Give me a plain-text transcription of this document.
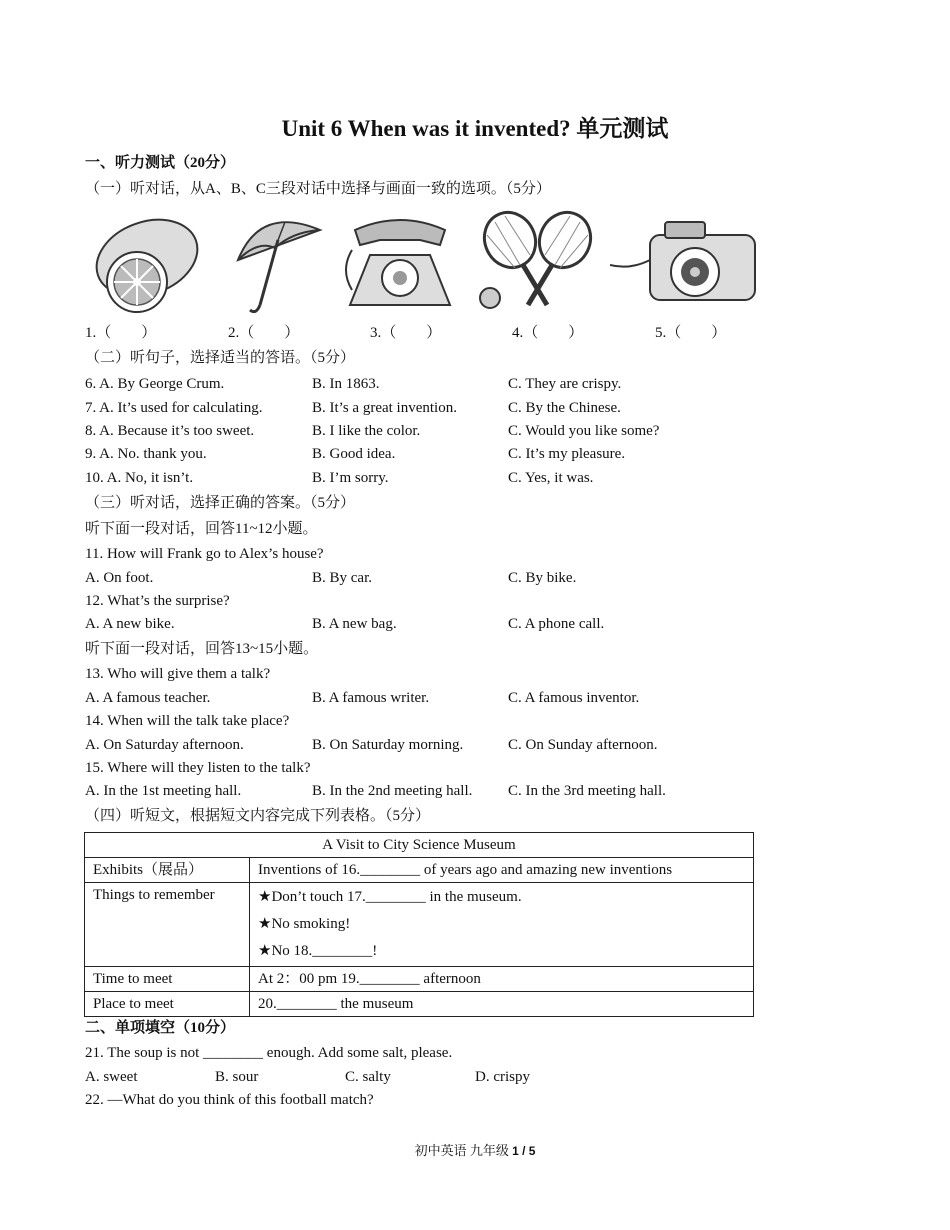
Unit 6 When was it invented? 单元测试
一、听力测试（20分）
（一）听对话，从A、B、C三段对话中选择与画面一致的选项。（5分）
1.（　　）	2.（　　）	3.（　　）	4.（　　）	5.（　　）
（二）听句子，选择适当的答语。（5分）
6. A. By George Crum.	B. In 1863.	C. They are crispy.
7. A. It’s used for calculating.	B. It’s a great invention.	C. By the Chinese.
8. A. Because it’s too sweet.	B. I like the color.	C. Would you like some?
9. A. No. thank you.	B. Good idea.	C. It’s my pleasure.
10. A. No, it isn’t.	B. I’m sorry.	C. Yes, it was.
（三）听对话，选择正确的答案。（5分）
听下面一段对话，回答11~12小题。
11. How will Frank go to Alex’s house?
A. On foot.	B. By car.	C. By bike.
12. What’s the surprise?
A. A new bike.	B. A new bag.	C. A phone call.
听下面一段对话，回答13~15小题。
13. Who will give them a talk?
A. A famous teacher.	B. A famous writer.	C. A famous inventor.
14. When will the talk take place?
A. On Saturday afternoon.	B. On Saturday morning.	C. On Sunday afternoon.
15. Where will they listen to the talk?
A. In the 1st meeting hall.	B. In the 2nd meeting hall. C. In the 3rd meeting hall.
（四）听短文，根据短文内容完成下列表格。（5分）
A Visit to City Science Museum	
Exhibits（展品）	Inventions of 16.________ of years ago and amazing new inventions
Things to remember	★Don’t touch 17.________ in the museum.
★No smoking!
★No 18.________!

Time to meet	At 2：00 pm 19.________ afternoon
Place to meet	20.________ the museum
二、单项填空（10分）
21. The soup is not ________ enough. Add some salt, please.
A. sweet	B. sour	C. salty	D. crispy
22. —What do you think of this football match?
初中英语 九年级 1 / 5
